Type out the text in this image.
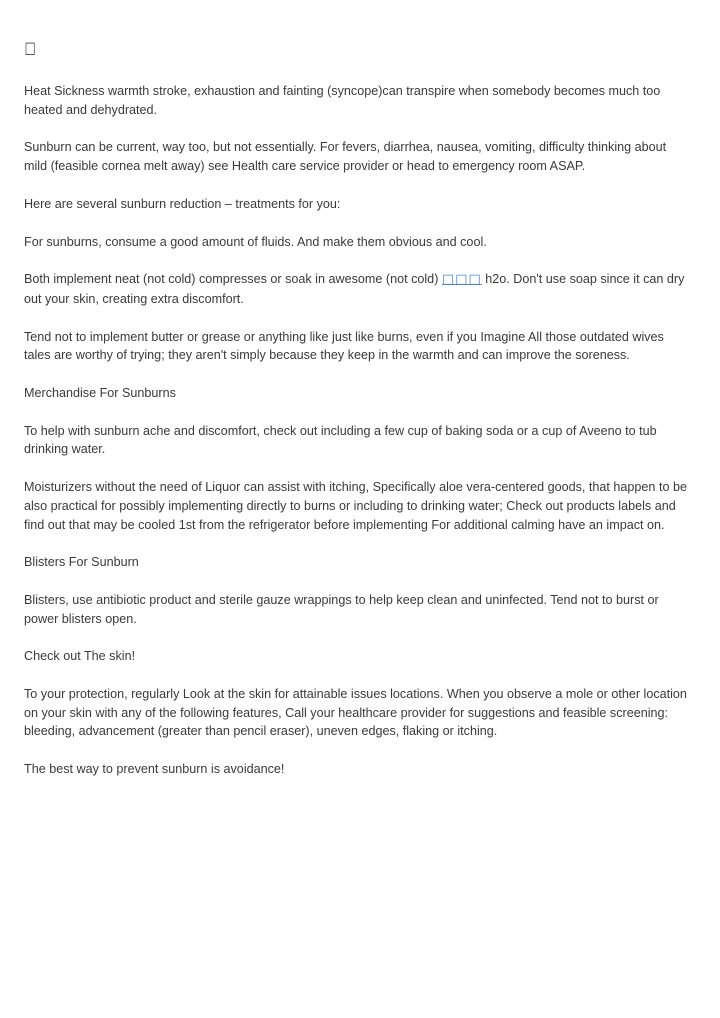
□

Heat Sickness warmth stroke, exhaustion and fainting (syncope)can transpire when somebody becomes much too heated and dehydrated.

Sunburn can be current, way too, but not essentially. For fevers, diarrhea, nausea, vomiting, difficulty thinking about mild (feasible cornea melt away) see Health care service provider or head to emergency room ASAP.

Here are several sunburn reduction – treatments for you:

For sunburns, consume a good amount of fluids. And make them obvious and cool.

Both implement neat (not cold) compresses or soak in awesome (not cold) □□□ h2o. Don't use soap since it can dry out your skin, creating extra discomfort.

Tend not to implement butter or grease or anything like just like burns, even if you Imagine All those outdated wives tales are worthy of trying; they aren't simply because they keep in the warmth and can improve the soreness.

Merchandise For Sunburns

To help with sunburn ache and discomfort, check out including a few cup of baking soda or a cup of Aveeno to tub drinking water.

Moisturizers without the need of Liquor can assist with itching, Specifically aloe vera-centered goods, that happen to be also practical for possibly implementing directly to burns or including to drinking water; Check out products labels and find out that may be cooled 1st from the refrigerator before implementing For additional calming have an impact on.

Blisters For Sunburn

Blisters, use antibiotic product and sterile gauze wrappings to help keep clean and uninfected. Tend not to burst or power blisters open.

Check out The skin!

To your protection, regularly Look at the skin for attainable issues locations. When you observe a mole or other location on your skin with any of the following features, Call your healthcare provider for suggestions and feasible screening: bleeding, advancement (greater than pencil eraser), uneven edges, flaking or itching.

The best way to prevent sunburn is avoidance!
